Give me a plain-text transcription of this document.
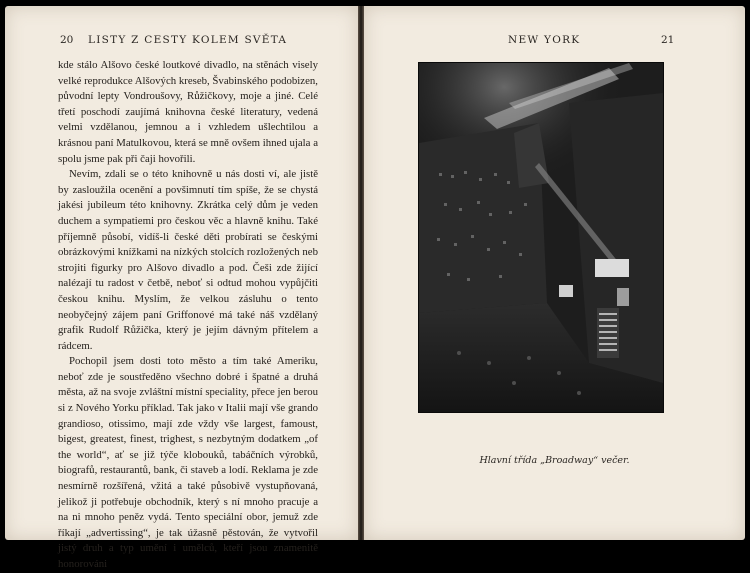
20 LISTY Z CESTY KOLEM SVĚTA

kde stálo Alšovo české loutkové divadlo, na stěnách visely velké reprodukce Alšových kreseb, Švabinského podobizen, původní lepty Vondroušovy, Růžičkovy, moje a jiné. Celé třetí poschodí zaujímá knihovna české literatury, vedená velmi vzdělanou, jemnou a i vzhledem ušlechtilou a krásnou paní Matulkovou, která se mně ovšem ihned ujala a spolu jsme pak při čaji hovořili.

Nevím, zdali se o této knihovně u nás dosti ví, ale jistě by zasloužila ocenění a povšimnutí tím spíše, že se chystá jakési jubileum této knihovny. Zkrátka celý dům je veden duchem a sympatiemi pro českou věc a hlavně knihu. Také příjemně působí, vidíš-li české děti probírati se českými obrázkovými knížkami na nízkých stolcích rozložených neb strojiti figurky pro Alšovo divadlo a pod. Češi zde žijící nalézají tu radost v četbě, neboť si odtud mohou vypůjčiti českou knihu. Myslím, že velkou zásluhu o tento neobyčejný zájem paní Griffonové má také náš vzdělaný grafik Rudolf Růžička, který je jejím dávným přítelem a rádcem.

Pochopil jsem dosti toto město a tím také Ameriku, neboť zde je soustředěno všechno dobré i špatné a druhá města, až na svoje zvláštní místní speciality, přece jen berou si z Nového Yorku příklad. Tak jako v Italii mají vše grando grandioso, otissimo, mají zde vždy vše largest, famoust, bigest, greatest, finest, trighest, s nezbytným dodatkem „of the world“, ať se již týče klobouků, tabáčních výrobků, biografů, restaurantů, bank, či staveb a lodí. Reklama je zde nesmírně rozšířená, vžitá a také působivě vystupňovaná, jelikož ji potřebuje obchodník, který s ní mnoho pracuje a na ni mnoho peněz vydá. Tento speciální obor, jemuž zde říkají „advertissing“, je tak úžasně pěstován, že vytvořil jistý druh a typ umění i umělců, kteří jsou znamenitě honorováni

NEW YORK	21
Hlavní třída „Broadway“ večer.
